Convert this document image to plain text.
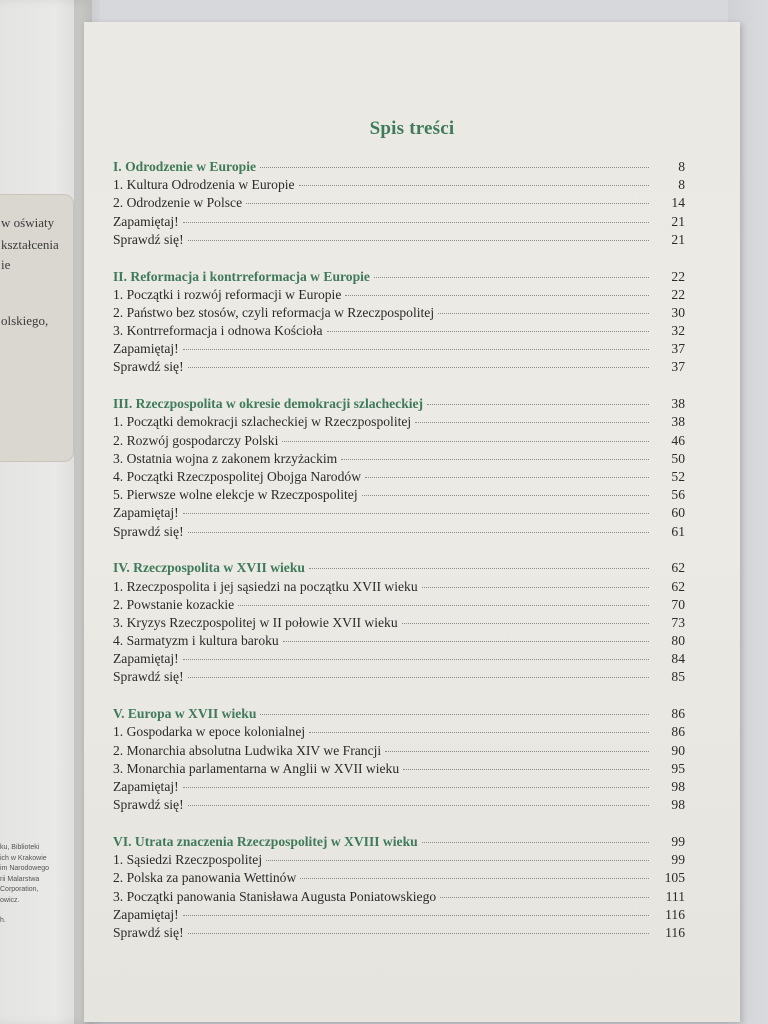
w oświaty
kształcenia
ie
olskiego,
ku, Biblioteki
ich w Krakowie
im Narodowego
rii Malarstwa
Corporation,
owicz.
h.
Spis treści
I. Odrodzenie w Europie	8
1. Kultura Odrodzenia w Europie	8
2. Odrodzenie w Polsce	14
Zapamiętaj!	21
Sprawdź się!	21
II. Reformacja i kontrreformacja w Europie	22
1. Początki i rozwój reformacji w Europie	22
2. Państwo bez stosów, czyli reformacja w Rzeczpospolitej	30
3. Kontrreformacja i odnowa Kościoła	32
Zapamiętaj!	37
Sprawdź się!	37
III. Rzeczpospolita w okresie demokracji szlacheckiej	38
1. Początki demokracji szlacheckiej w Rzeczpospolitej	38
2. Rozwój gospodarczy Polski	46
3. Ostatnia wojna z zakonem krzyżackim	50
4. Początki Rzeczpospolitej Obojga Narodów	52
5. Pierwsze wolne elekcje w Rzeczpospolitej	56
Zapamiętaj!	60
Sprawdź się!	61
IV. Rzeczpospolita w XVII wieku	62
1. Rzeczpospolita i jej sąsiedzi na początku XVII wieku	62
2. Powstanie kozackie	70
3. Kryzys Rzeczpospolitej w II połowie XVII wieku	73
4. Sarmatyzm i kultura baroku	80
Zapamiętaj!	84
Sprawdź się!	85
V. Europa w XVII wieku	86
1. Gospodarka w epoce kolonialnej	86
2. Monarchia absolutna Ludwika XIV we Francji	90
3. Monarchia parlamentarna w Anglii w XVII wieku	95
Zapamiętaj!	98
Sprawdź się!	98
VI. Utrata znaczenia Rzeczpospolitej w XVIII wieku	99
1. Sąsiedzi Rzeczpospolitej	99
2. Polska za panowania Wettinów	105
3. Początki panowania Stanisława Augusta Poniatowskiego	111
Zapamiętaj!	116
Sprawdź się!	116
